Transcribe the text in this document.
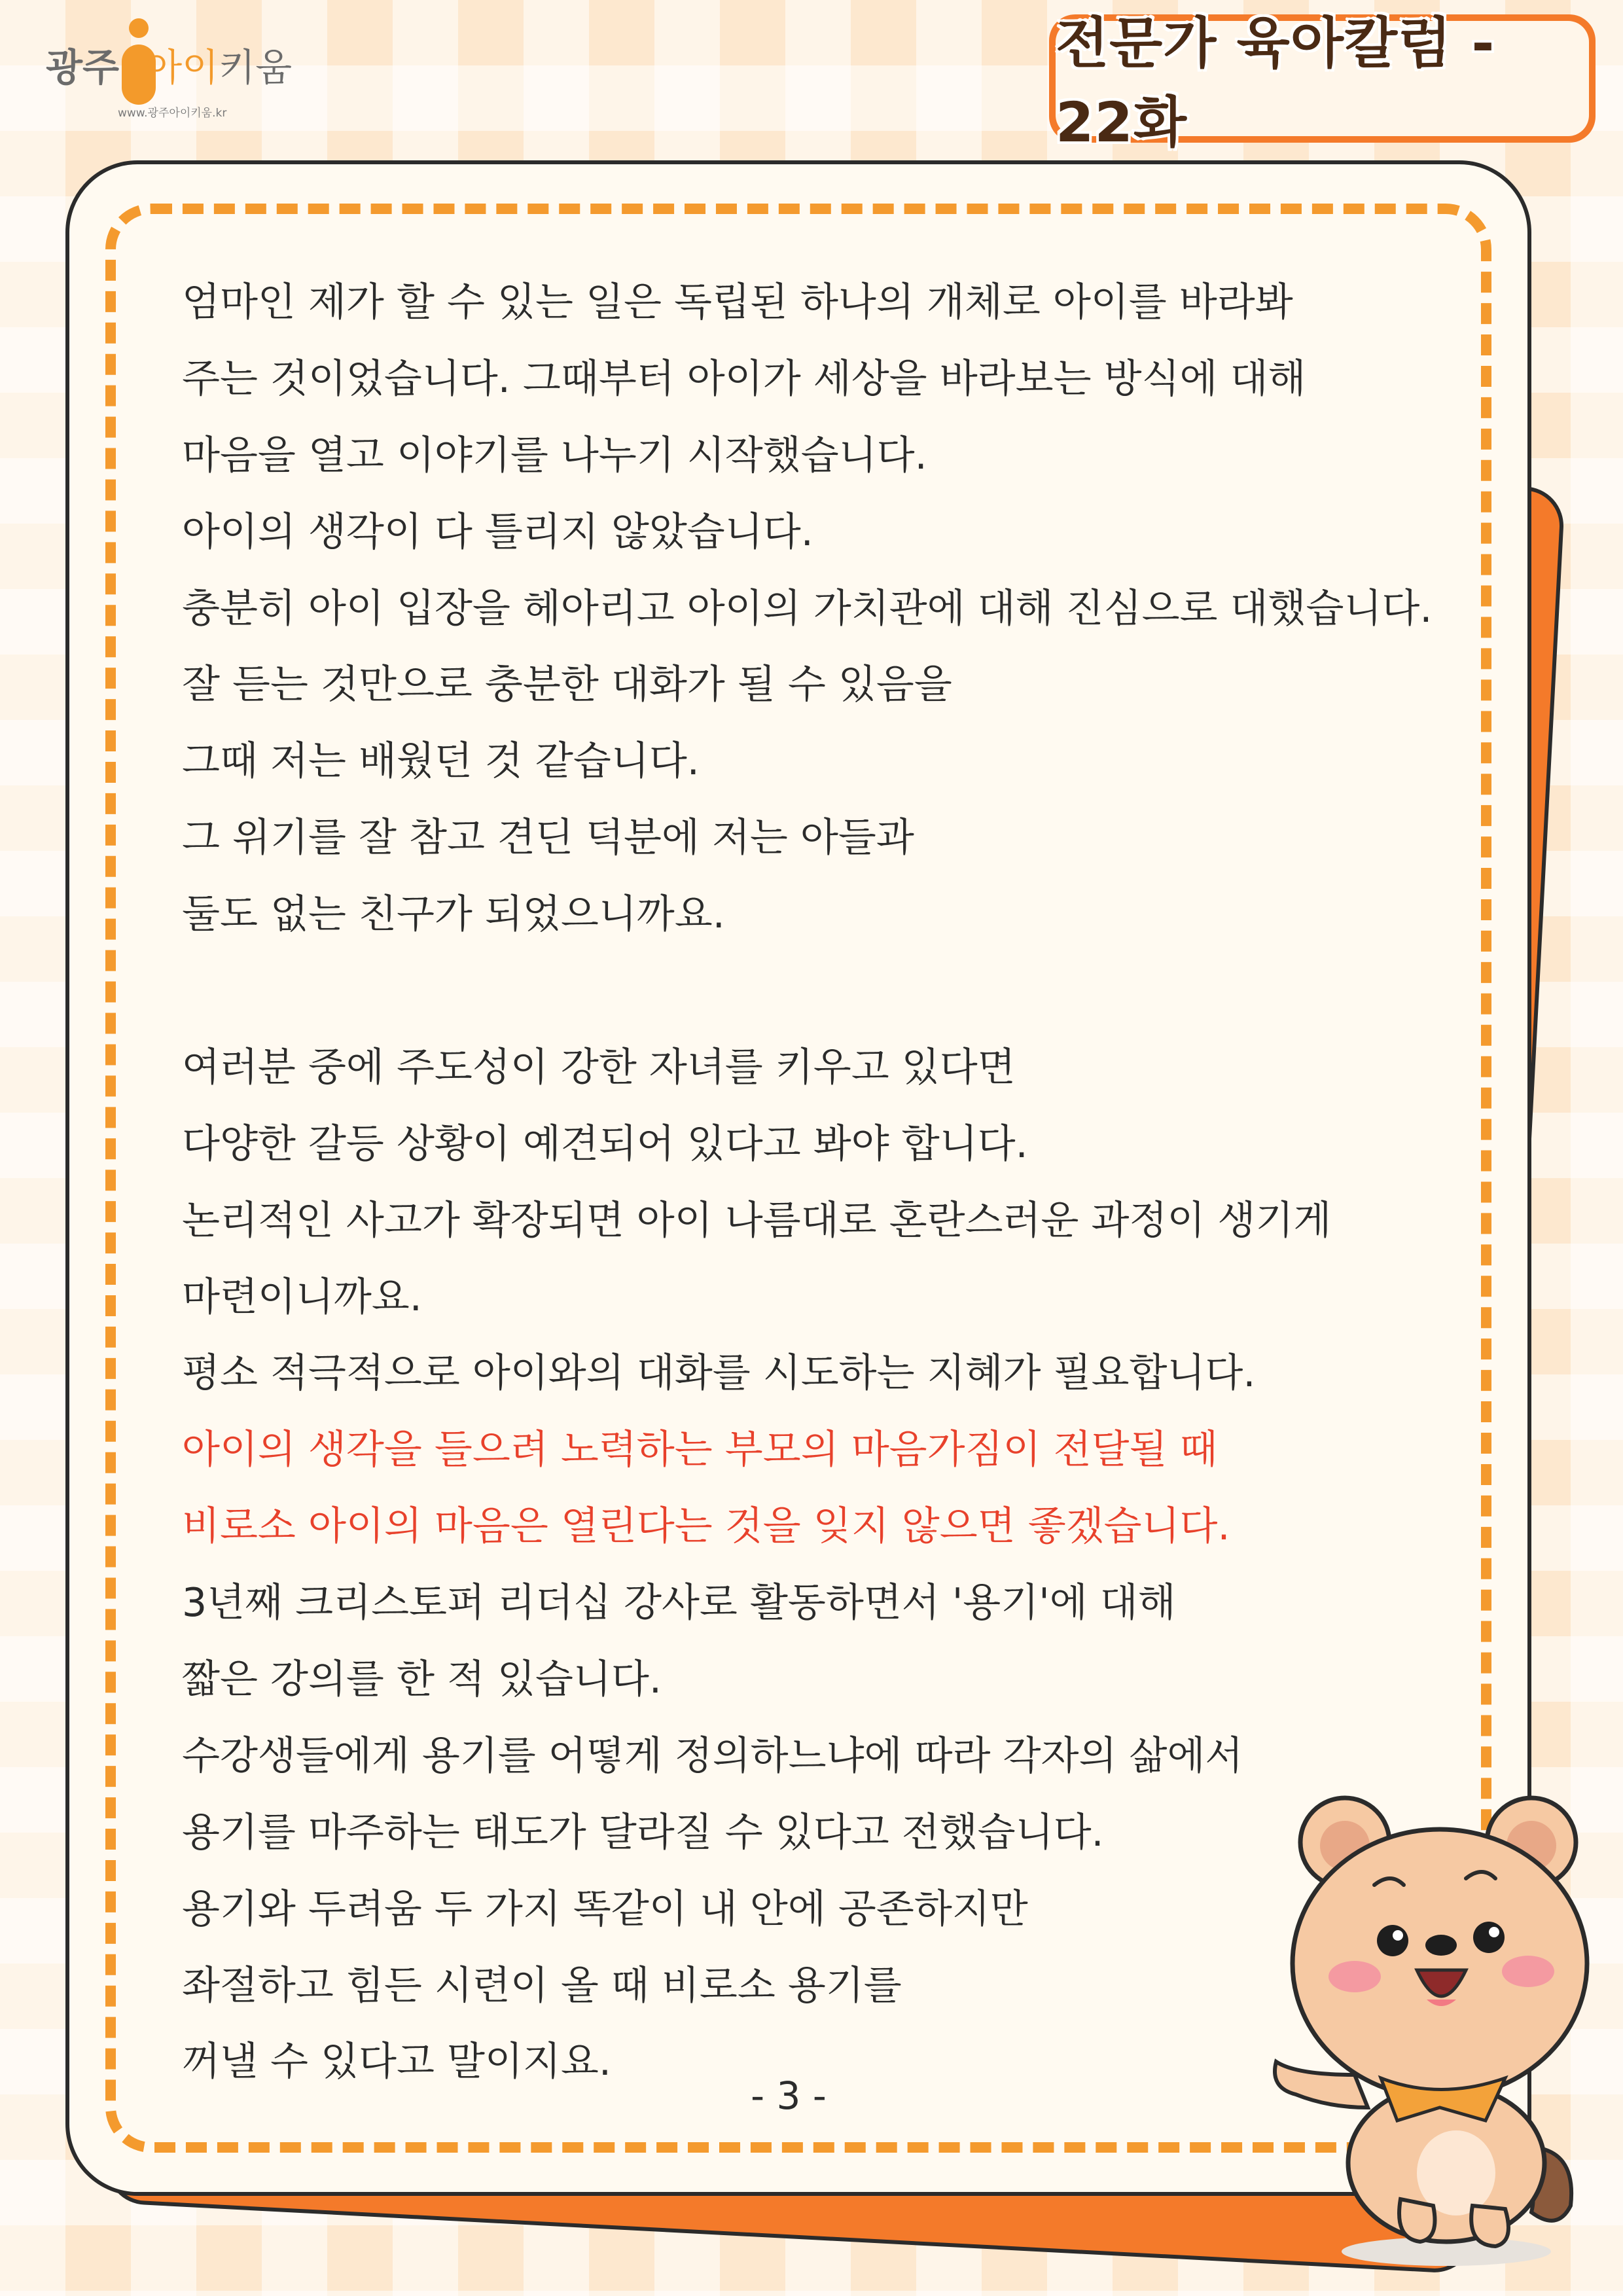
광주 아이키움
www.광주아이키움.kr
전문가 육아칼럼 - 22화
엄마인 제가 할 수 있는 일은 독립된 하나의 개체로 아이를 바라봐
주는 것이었습니다. 그때부터 아이가 세상을 바라보는 방식에 대해
마음을 열고 이야기를 나누기 시작했습니다.
아이의 생각이 다 틀리지 않았습니다.
충분히 아이 입장을 헤아리고 아이의 가치관에 대해 진심으로 대했습니다.
잘 듣는 것만으로 충분한 대화가 될 수 있음을
그때 저는 배웠던 것 같습니다.
그 위기를 잘 참고 견딘 덕분에 저는 아들과
둘도 없는 친구가 되었으니까요.
여러분 중에 주도성이 강한 자녀를 키우고 있다면
다양한 갈등 상황이 예견되어 있다고 봐야 합니다.
논리적인 사고가 확장되면 아이 나름대로 혼란스러운 과정이 생기게
마련이니까요.
평소 적극적으로 아이와의 대화를 시도하는 지혜가 필요합니다.
아이의 생각을 들으려 노력하는 부모의 마음가짐이 전달될 때
비로소 아이의 마음은 열린다는 것을 잊지 않으면 좋겠습니다.
3년째 크리스토퍼 리더십 강사로 활동하면서 '용기'에 대해
짧은 강의를 한 적 있습니다.
수강생들에게 용기를 어떻게 정의하느냐에 따라 각자의 삶에서
용기를 마주하는 태도가 달라질 수 있다고 전했습니다.
용기와 두려움 두 가지 똑같이 내 안에 공존하지만
좌절하고 힘든 시련이 올 때 비로소 용기를
꺼낼 수 있다고 말이지요.
- 3 -
